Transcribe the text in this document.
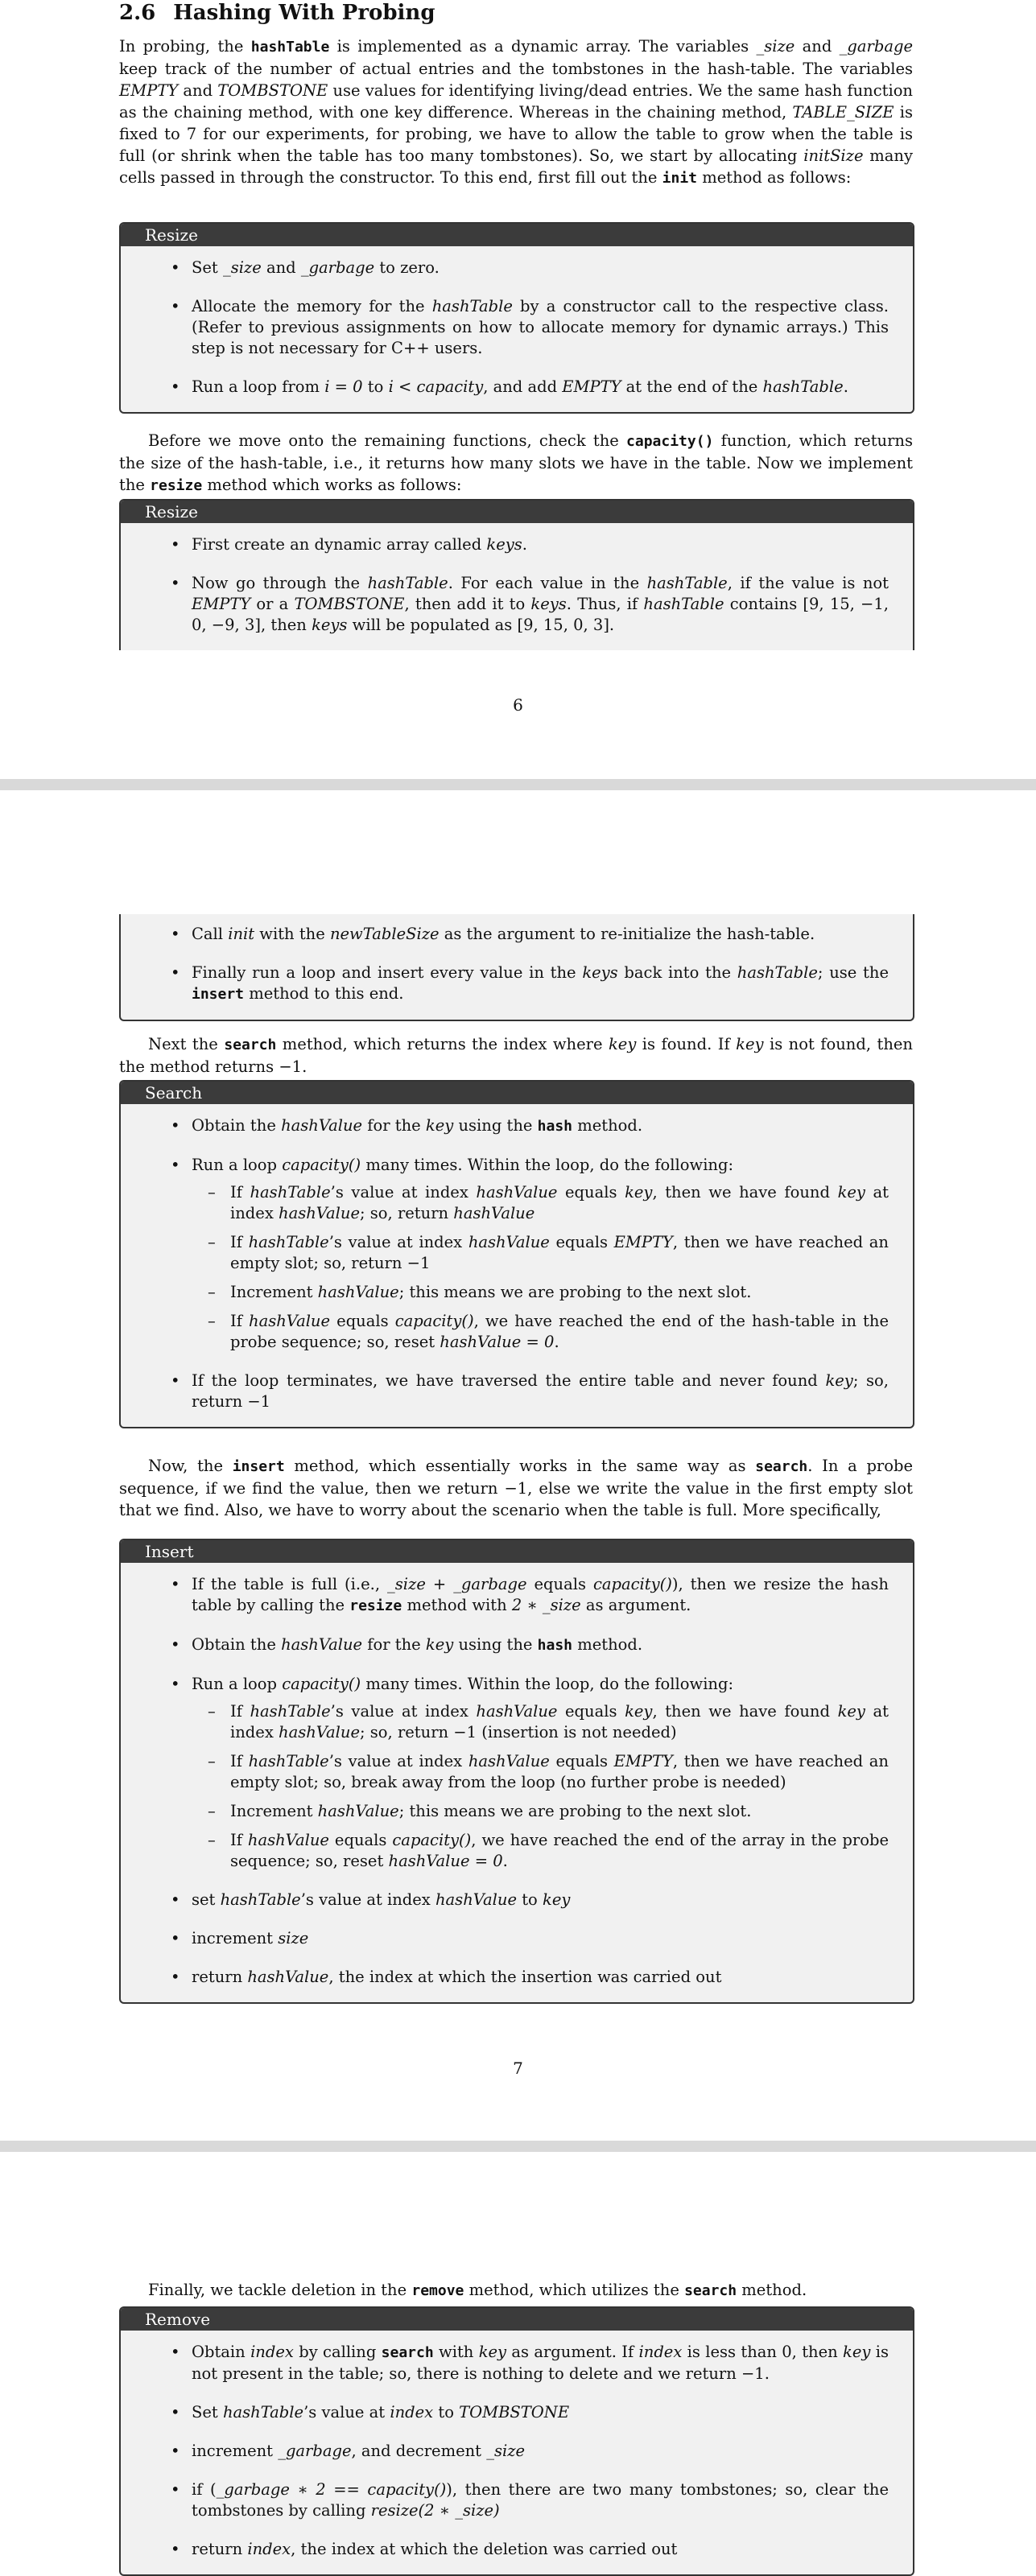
2.6 Hashing With Probing

In probing, the hashTable is implemented as a dynamic array. The variables _size and _garbage keep track of the number of actual entries and the tombstones in the hash-table. The variables EMPTY and TOMBSTONE use values for identifying living/dead entries. We the same hash function as the chaining method, with one key difference. Whereas in the chaining method, TABLE_SIZE is fixed to 7 for our experiments, for probing, we have to allow the table to grow when the table is full (or shrink when the table has too many tombstones). So, we start by allocating initSize many cells passed in through the constructor. To this end, first fill out the init method as follows:

Resize
• Set _size and _garbage to zero.
• Allocate the memory for the hashTable by a constructor call to the respective class. (Refer to previous assignments on how to allocate memory for dynamic arrays.) This step is not necessary for C++ users.
• Run a loop from i = 0 to i < capacity, and add EMPTY at the end of the hashTable.

Before we move onto the remaining functions, check the capacity() function, which returns the size of the hash-table, i.e., it returns how many slots we have in the table. Now we implement the resize method which works as follows:

Resize
• First create an dynamic array called keys.
• Now go through the hashTable. For each value in the hashTable, if the value is not EMPTY or a TOMBSTONE, then add it to keys. Thus, if hashTable contains [9, 15, −1, 0, −9, 3], then keys will be populated as [9, 15, 0, 3].
6
• Call init with the newTableSize as the argument to re-initialize the hash-table.
• Finally run a loop and insert every value in the keys back into the hashTable; use the insert method to this end.

Next the search method, which returns the index where key is found. If key is not found, then the method returns −1.

Search
• Obtain the hashValue for the key using the hash method.
• Run a loop capacity() many times. Within the loop, do the following:
– If hashTable’s value at index hashValue equals key, then we have found key at index hashValue; so, return hashValue
– If hashTable’s value at index hashValue equals EMPTY, then we have reached an empty slot; so, return −1
– Increment hashValue; this means we are probing to the next slot.
– If hashValue equals capacity(), we have reached the end of the hash-table in the probe sequence; so, reset hashValue = 0.
• If the loop terminates, we have traversed the entire table and never found key; so, return −1

Now, the insert method, which essentially works in the same way as search. In a probe sequence, if we find the value, then we return −1, else we write the value in the first empty slot that we find. Also, we have to worry about the scenario when the table is full. More specifically,

Insert
• If the table is full (i.e., _size + _garbage equals capacity()), then we resize the hash table by calling the resize method with 2 ∗ _size as argument.
• Obtain the hashValue for the key using the hash method.
• Run a loop capacity() many times. Within the loop, do the following:
– If hashTable’s value at index hashValue equals key, then we have found key at index hashValue; so, return −1 (insertion is not needed)
– If hashTable’s value at index hashValue equals EMPTY, then we have reached an empty slot; so, break away from the loop (no further probe is needed)
– Increment hashValue; this means we are probing to the next slot.
– If hashValue equals capacity(), we have reached the end of the array in the probe sequence; so, reset hashValue = 0.
• set hashTable’s value at index hashValue to key
• increment size
• return hashValue, the index at which the insertion was carried out
7

Finally, we tackle deletion in the remove method, which utilizes the search method.

Remove
• Obtain index by calling search with key as argument. If index is less than 0, then key is not present in the table; so, there is nothing to delete and we return −1.
• Set hashTable’s value at index to TOMBSTONE
• increment _garbage, and decrement _size
• if (_garbage ∗ 2 == capacity()), then there are two many tombstones; so, clear the tombstones by calling resize(2 ∗ _size)
• return index, the index at which the deletion was carried out
